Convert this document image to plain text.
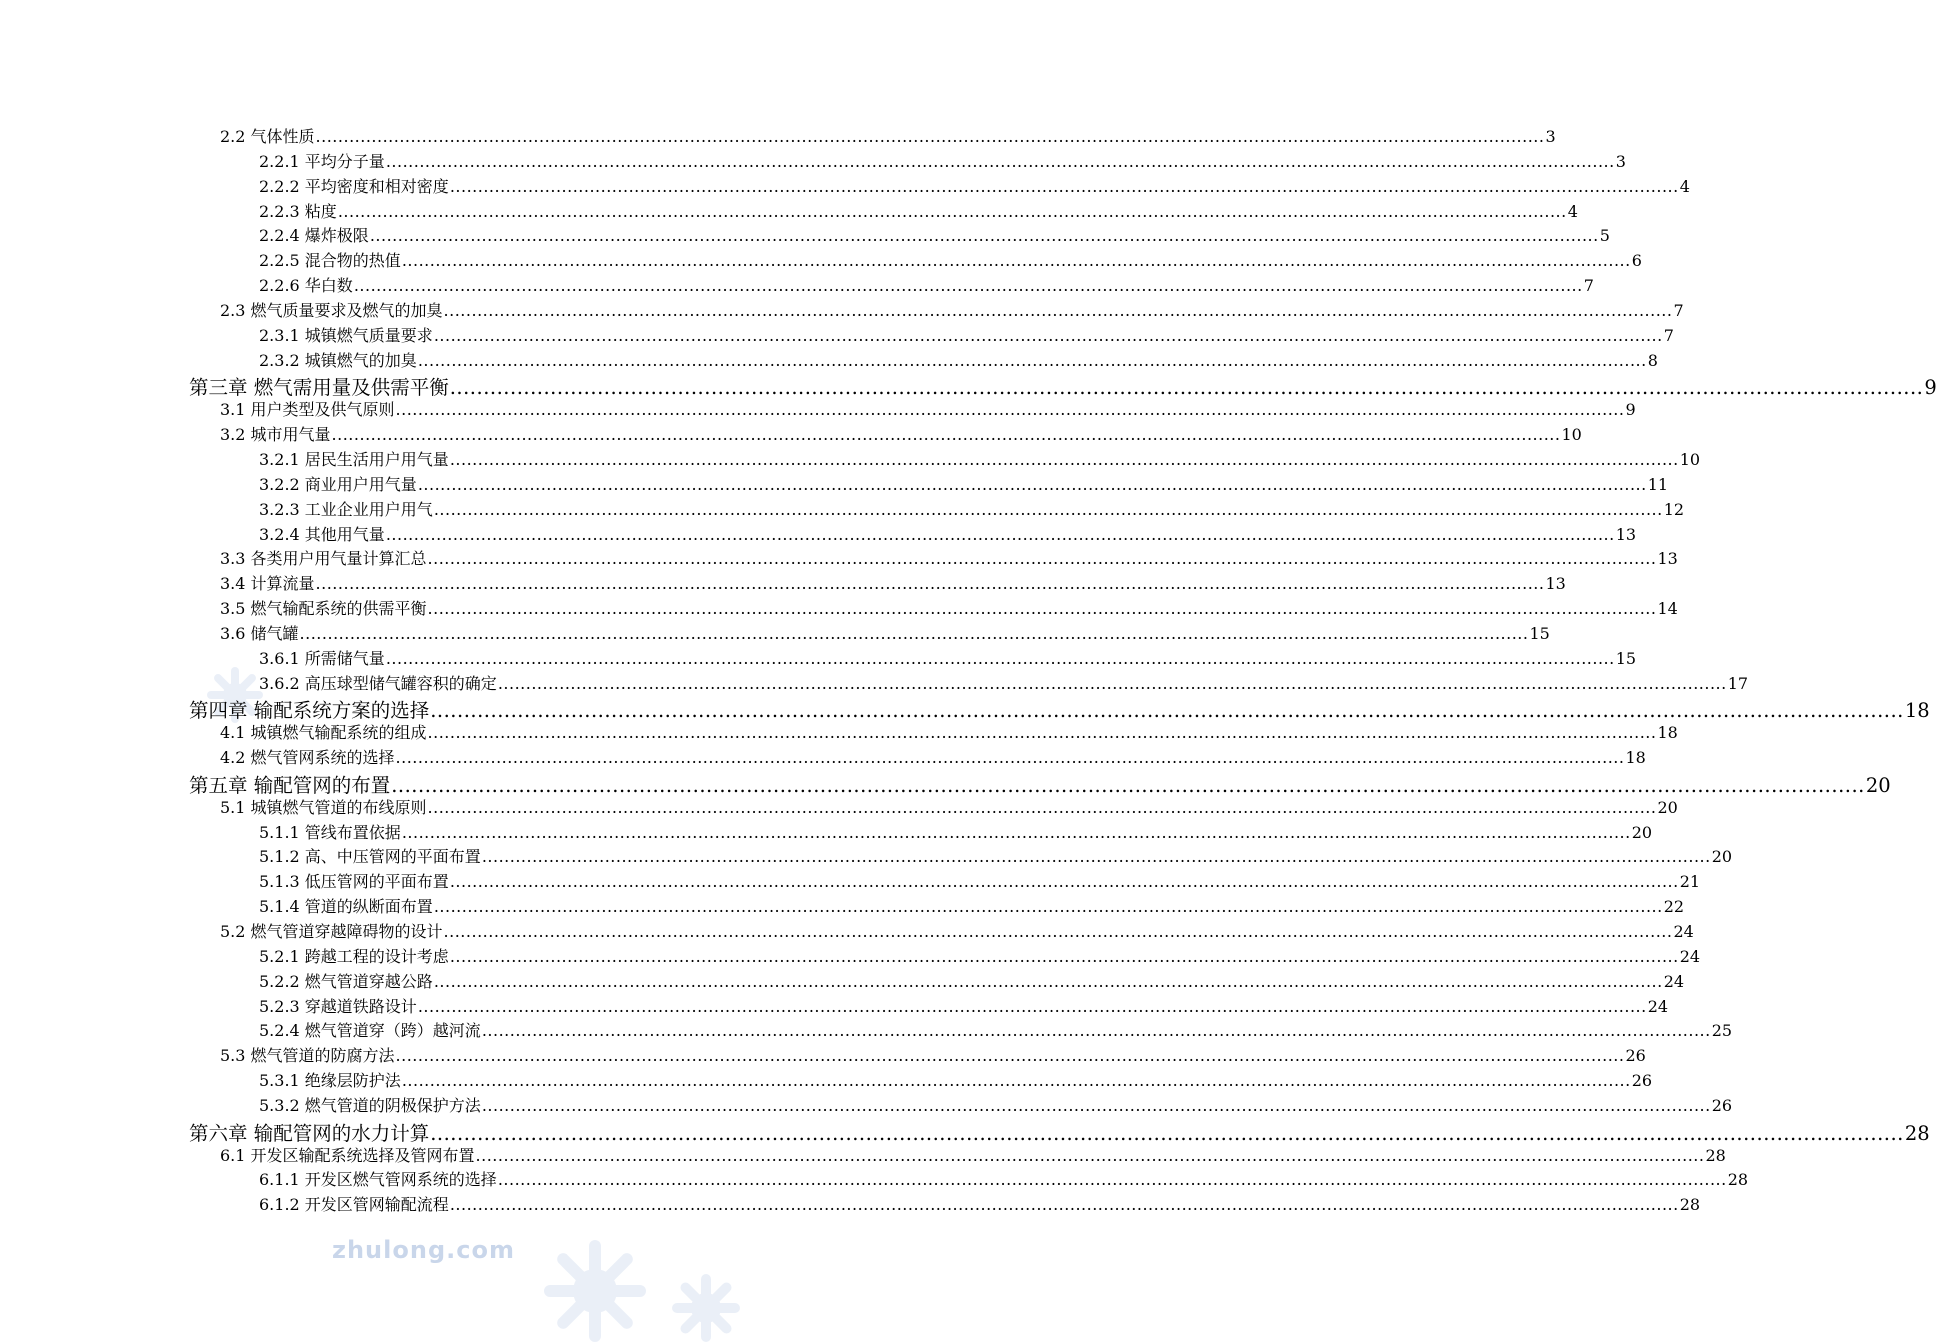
zhulong.com
2.2 气体性质 ............................................................................................................................................................................................................................ 3
2.2.1 平均分子量 ............................................................................................................................................................................................................................ 3
2.2.2 平均密度和相对密度 ............................................................................................................................................................................................................................ 4
2.2.3 粘度 ............................................................................................................................................................................................................................ 4
2.2.4 爆炸极限 ............................................................................................................................................................................................................................ 5
2.2.5 混合物的热值 ............................................................................................................................................................................................................................ 6
2.2.6 华白数 ............................................................................................................................................................................................................................ 7
2.3 燃气质量要求及燃气的加臭 ............................................................................................................................................................................................................................ 7
2.3.1 城镇燃气质量要求 ............................................................................................................................................................................................................................ 7
2.3.2 城镇燃气的加臭 ............................................................................................................................................................................................................................ 8
第三章 燃气需用量及供需平衡 ............................................................................................................................................................................................................................ 9
3.1 用户类型及供气原则 ............................................................................................................................................................................................................................ 9
3.2 城市用气量 ............................................................................................................................................................................................................................ 10
3.2.1 居民生活用户用气量 ............................................................................................................................................................................................................................ 10
3.2.2 商业用户用气量 ............................................................................................................................................................................................................................ 11
3.2.3 工业企业用户用气 ............................................................................................................................................................................................................................ 12
3.2.4 其他用气量 ............................................................................................................................................................................................................................ 13
3.3 各类用户用气量计算汇总 ............................................................................................................................................................................................................................ 13
3.4 计算流量 ............................................................................................................................................................................................................................ 13
3.5 燃气输配系统的供需平衡 ............................................................................................................................................................................................................................ 14
3.6 储气罐 ............................................................................................................................................................................................................................ 15
3.6.1 所需储气量 ............................................................................................................................................................................................................................ 15
3.6.2 高压球型储气罐容积的确定 ............................................................................................................................................................................................................................ 17
第四章 输配系统方案的选择 ............................................................................................................................................................................................................................ 18
4.1 城镇燃气输配系统的组成 ............................................................................................................................................................................................................................ 18
4.2 燃气管网系统的选择 ............................................................................................................................................................................................................................ 18
第五章 输配管网的布置 ............................................................................................................................................................................................................................ 20
5.1 城镇燃气管道的布线原则 ............................................................................................................................................................................................................................ 20
5.1.1 管线布置依据 ............................................................................................................................................................................................................................ 20
5.1.2 高、中压管网的平面布置 ............................................................................................................................................................................................................................ 20
5.1.3 低压管网的平面布置 ............................................................................................................................................................................................................................ 21
5.1.4 管道的纵断面布置 ............................................................................................................................................................................................................................ 22
5.2 燃气管道穿越障碍物的设计 ............................................................................................................................................................................................................................ 24
5.2.1 跨越工程的设计考虑 ............................................................................................................................................................................................................................ 24
5.2.2 燃气管道穿越公路 ............................................................................................................................................................................................................................ 24
5.2.3 穿越道铁路设计 ............................................................................................................................................................................................................................ 24
5.2.4 燃气管道穿（跨）越河流 ............................................................................................................................................................................................................................ 25
5.3 燃气管道的防腐方法 ............................................................................................................................................................................................................................ 26
5.3.1 绝缘层防护法 ............................................................................................................................................................................................................................ 26
5.3.2 燃气管道的阴极保护方法 ............................................................................................................................................................................................................................ 26
第六章 输配管网的水力计算 ............................................................................................................................................................................................................................ 28
6.1 开发区输配系统选择及管网布置 ............................................................................................................................................................................................................................ 28
6.1.1 开发区燃气管网系统的选择 ............................................................................................................................................................................................................................ 28
6.1.2 开发区管网输配流程 ............................................................................................................................................................................................................................ 28
